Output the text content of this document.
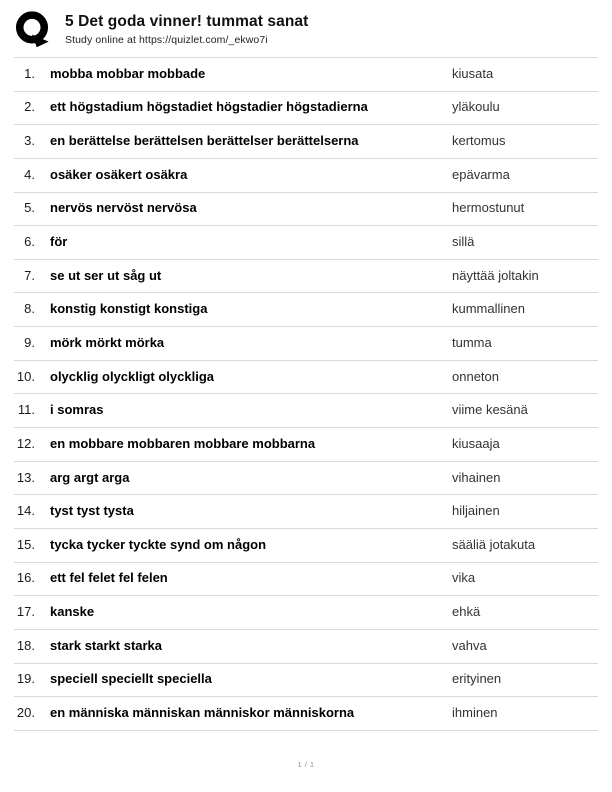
5 Det goda vinner! tummat sanat
Study online at https://quizlet.com/_ekwo7i
1. mobba mobbar mobbade	kiusata
2. ett högstadium högstadiet högstadier högstadierna	yläkoulu
3. en berättelse berättelsen berättelser berättelserna	kertomus
4. osäker osäkert osäkra	epävarma
5. nervös nervöst nervösa	hermostunut
6. för	sillä
7. se ut ser ut såg ut	näyttää joltakin
8. konstig konstigt konstiga	kummallinen
9. mörk mörkt mörka	tumma
10. olycklig olyckligt olyckliga	onneton
11. i somras	viime kesänä
12. en mobbare mobbaren mobbare mobbarna	kiusaaja
13. arg argt arga	vihainen
14. tyst tyst tysta	hiljainen
15. tycka tycker tyckte synd om någon	sääliä jotakuta
16. ett fel felet fel felen	vika
17. kanske	ehkä
18. stark starkt starka	vahva
19. speciell speciellt speciella	erityinen
20. en människa människan människor människorna	ihminen
1 / 1
